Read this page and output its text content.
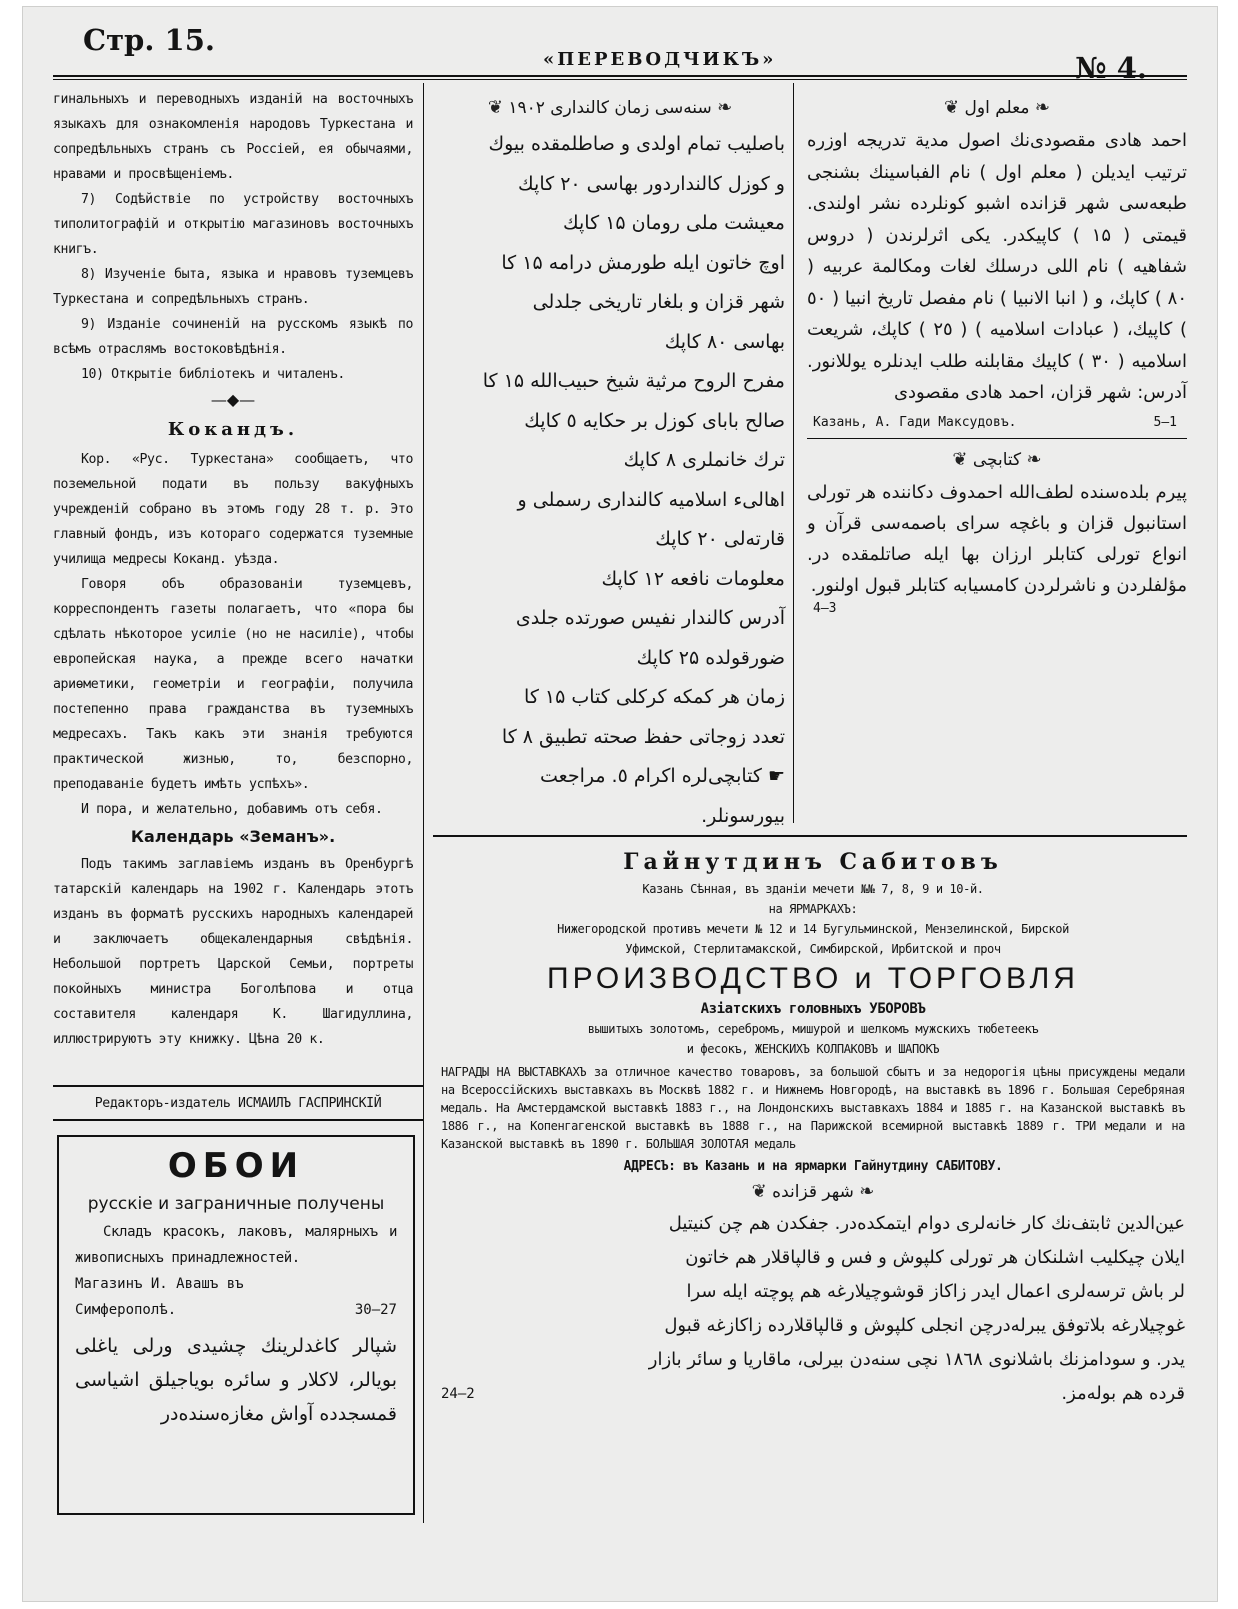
Стр. 15.
«ПЕРЕВОДЧИКЪ»	№ 4.

гинальныхъ и переводныхъ изданій на восточныхъ языкахъ для ознакомленія народовъ Туркестана и сопредѣльныхъ странъ съ Россіей, ея обычаями, нравами и просвѣщеніемъ.

7) Содѣйствіе по устройству восточныхъ типолитографій и открытію магазиновъ восточныхъ книгъ.

8) Изученіе быта, языка и нравовъ туземцевъ Туркестана и сопредѣльныхъ странъ.

9) Изданіе сочиненій на русскомъ языкѣ по всѣмъ отраслямъ востоковѣдѣнія.

10) Открытіе библіотекъ и читаленъ.

—◆—
Кокандъ.

Кор. «Рус. Туркестана» сообщаетъ, что поземельной подати въ пользу вакуфныхъ учрежденій собрано въ этомъ году 28 т. р. Это главный фондъ, изъ котораго содержатся туземные училища медресы Коканд. уѣзда.

Говоря объ образованіи туземцевъ, корреспондентъ газеты полагаетъ, что «пора бы сдѣлать нѣкоторое усиліе (но не насиліе), чтобы европейская наука, а прежде всего начатки ариѳметики, геометріи и географіи, получила постепенно права гражданства въ туземныхъ медресахъ. Такъ какъ эти знанія требуются практической жизнью, то, безспорно, преподаваніе будетъ имѣть успѣхъ».

И пора, и желательно, добавимъ отъ себя.

Календарь «Земанъ».

Подъ такимъ заглавіемъ изданъ въ Оренбургѣ татарскій календарь на 1902 г. Календарь этотъ изданъ въ форматѣ русскихъ народныхъ календарей и заключаетъ общекалендарныя свѣдѣнія. Небольшой портретъ Царской Семьи, портреты покойныхъ министра Боголѣпова и отца составителя календаря К. Шагидуллина, иллюстрируютъ эту книжку. Цѣна 20 к.

Редакторъ-издатель ИСМАИЛЪ ГАСПРИНСКІЙ

ОБОИ
русскіе и заграничные получены

Складъ красокъ, лаковъ, малярныхъ и живописныхъ принадлежностей.

Магазинъ И. Авашъ въ Симферополѣ.	30—27

شپالر کاغدلرینك چشیدی ورلی یاغلی بویالر، لاکلار و سائره بویاجیلق اشیاسی قمسجدده آواش مغازه‌سنده‌در

❦ ۱۹۰۲ سنه‌سی زمان کالنداری ❧
باصلیب تمام اولدی و صاطلمقده بیوك
و کوزل کالنداردور بهاسی ۲۰ کاپك
معیشت ملی رومان ۱۵ کاپك
اوچ خاتون ایله طورمش درامه ۱۵ کا
شهر قزان و بلغار تاریخی جلدلی
بهاسی ۸۰ کاپك
مفرح الروح مرثیة شیخ حبیب‌الله ۱۵ کا
صالح بابای کوزل بر حکایه ٥ کاپك
ترك خانملری ۸ کاپك
اهالیء اسلامیه کالنداری رسملی و
قارته‌لی ۲۰ کاپك
معلومات نافعه ۱۲ کاپك
آدرس کالندار نفیس صورتده جلدی
ضورقولده ۲۵ کاپك
زمان هر کمکه کرکلی کتاب ۱۵ کا
تعدد زوجاتی حفظ صحته تطبیق ۸ کا
☛ کتابچی‌لره اکرام ٥. مراجعت
بیورسونلر.
❦ معلم اول ❧

احمد هادی مقصودی‌نك اصول مدیة تدریجه اوزره ترتیب ایدیلن ( معلم اول ) نام الفباسینك بشنجی طبعه‌سی شهر قزانده اشبو کونلرده نشر اولندی. قیمتی ( ۱۵ ) کاپیکدر. یکی اثرلرندن ( دروس شفاهیه ) نام اللی درسلك لغات ومکالمة عربیه ( ۸۰ ) کاپك، و ( انبا الانبیا ) نام مفصل تاریخ انبیا ( ٥۰ ) کاپیك، ( عبادات اسلامیه ) ( ۲٥ ) کاپك، شریعت اسلامیه ( ۳۰ ) کاپیك مقابلنه طلب ایدنلره یوللانور. آدرس: شهر قزان، احمد هادی مقصودی

Казань, А. Гади Максудовъ.	5—1
❦ کتابچی ❧

پیرم بلده‌سنده لطف‌الله احمدوف دکاننده هر تورلی استانبول قزان و باغچه سرای باصمه‌سی قرآن و انواع تورلی کتابلر ارزان بها ایله صاتلمقده در. مؤلفلردن و ناشرلردن کامسیابه کتابلر قبول اولنور.

4—3
Гайнутдинъ Сабитовъ
Казань Сѣнная, въ зданіи мечети №№ 7, 8, 9 и 10-й.
на ЯРМАРКАХЪ:
Нижегородской противъ мечети № 12 и 14 Бугульминской, Мензелинской, Бирской
Уфимской, Стерлитамакской, Симбирской, Ирбитской и проч
ПРОИЗВОДСТВО и ТОРГОВЛЯ
Азіатскихъ головныхъ УБОРОВЪ
вышитыхъ золотомъ, серебромъ, мишурой и шелкомъ мужскихъ тюбетеекъ
и фесокъ, ЖЕНСКИХЪ КОЛПАКОВЪ и ШАПОКЪ

НАГРАДЫ НА ВЫСТАВКАХЪ за отличное качество товаровъ, за большой сбытъ и за недорогія цѣны присуждены медали на Всероссійскихъ выставкахъ въ Москвѣ 1882 г. и Нижнемъ Новгородѣ, на выставкѣ въ 1896 г. Большая Серебряная медаль. На Амстердамской выставкѣ 1883 г., на Лондонскихъ выставкахъ 1884 и 1885 г. на Казанской выставкѣ въ 1886 г., на Копенгагенской выставкѣ въ 1888 г., на Парижской всемирной выставкѣ 1889 г. ТРИ медали и на Казанской выставкѣ въ 1890 г. БОЛЬШАЯ ЗОЛОТАЯ медаль

АДРЕСЪ: въ Казань и на ярмарки Гайнутдину САБИТОВУ.
❦ شهر قزانده ❧
عین‌الدین ثابتف‌نك کار خانه‌لری دوام ایتمکده‌در. جفکدن هم چن کنیتیل
ایلان چیکلیب اشلنکان هر تورلی کلپوش و فس و قالپاقلار هم خاتون
لر باش ترسه‌لری اعمال ایدر زاکاز قوشوچیلارغه هم پوچته ایله سرا
غوچیلارغه بلاتوفق یبرله‌درچن انجلی کلپوش و قالپاقلارده زاکازغه قبول
یدر. و سودامزنك باشلانوی ۱۸٦۸ نچی سنه‌دن بیرلی، ماقاریا و سائر بازار
24—2	قرده هم بوله‌مز.
